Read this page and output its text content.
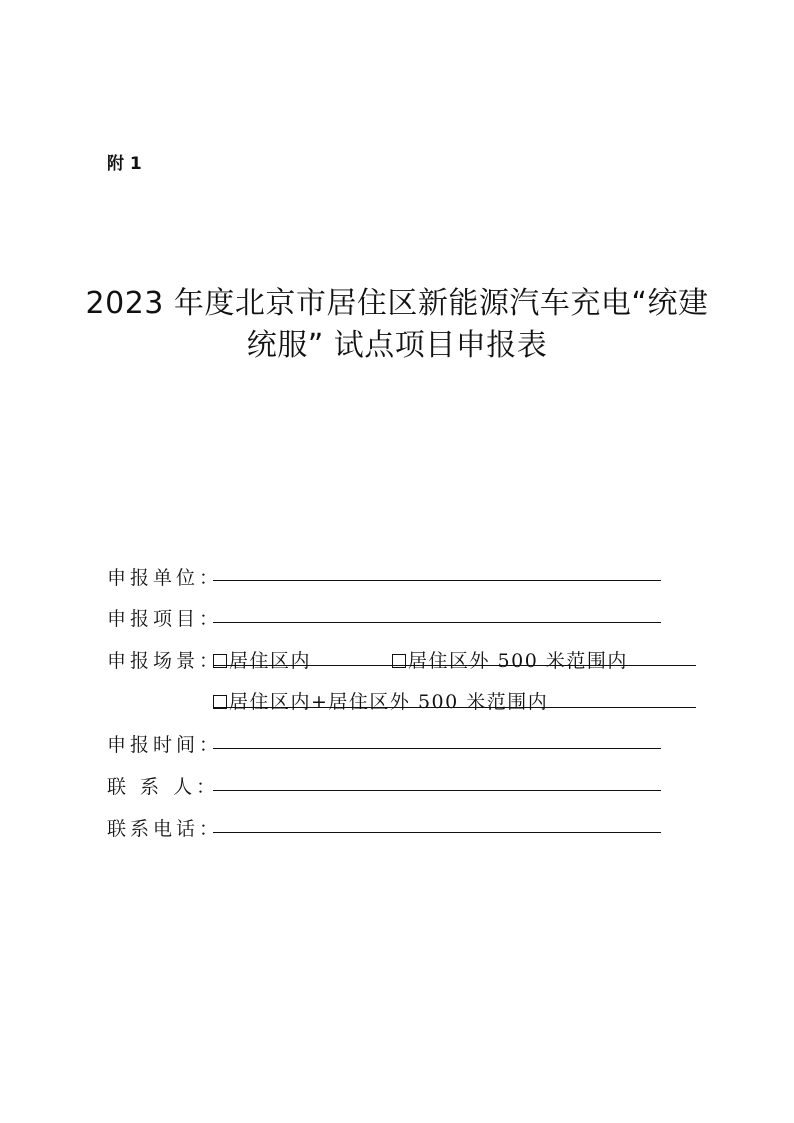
附 1
2023 年度北京市居住区新能源汽车充电“统建
统服” 试点项目申报表
申报单位：
申报项目：
申报场景： 居住区内	居住区外 500 米范围内
居住区内+居住区外 500 米范围内
申报时间：
联 系 人：
联系电话：
